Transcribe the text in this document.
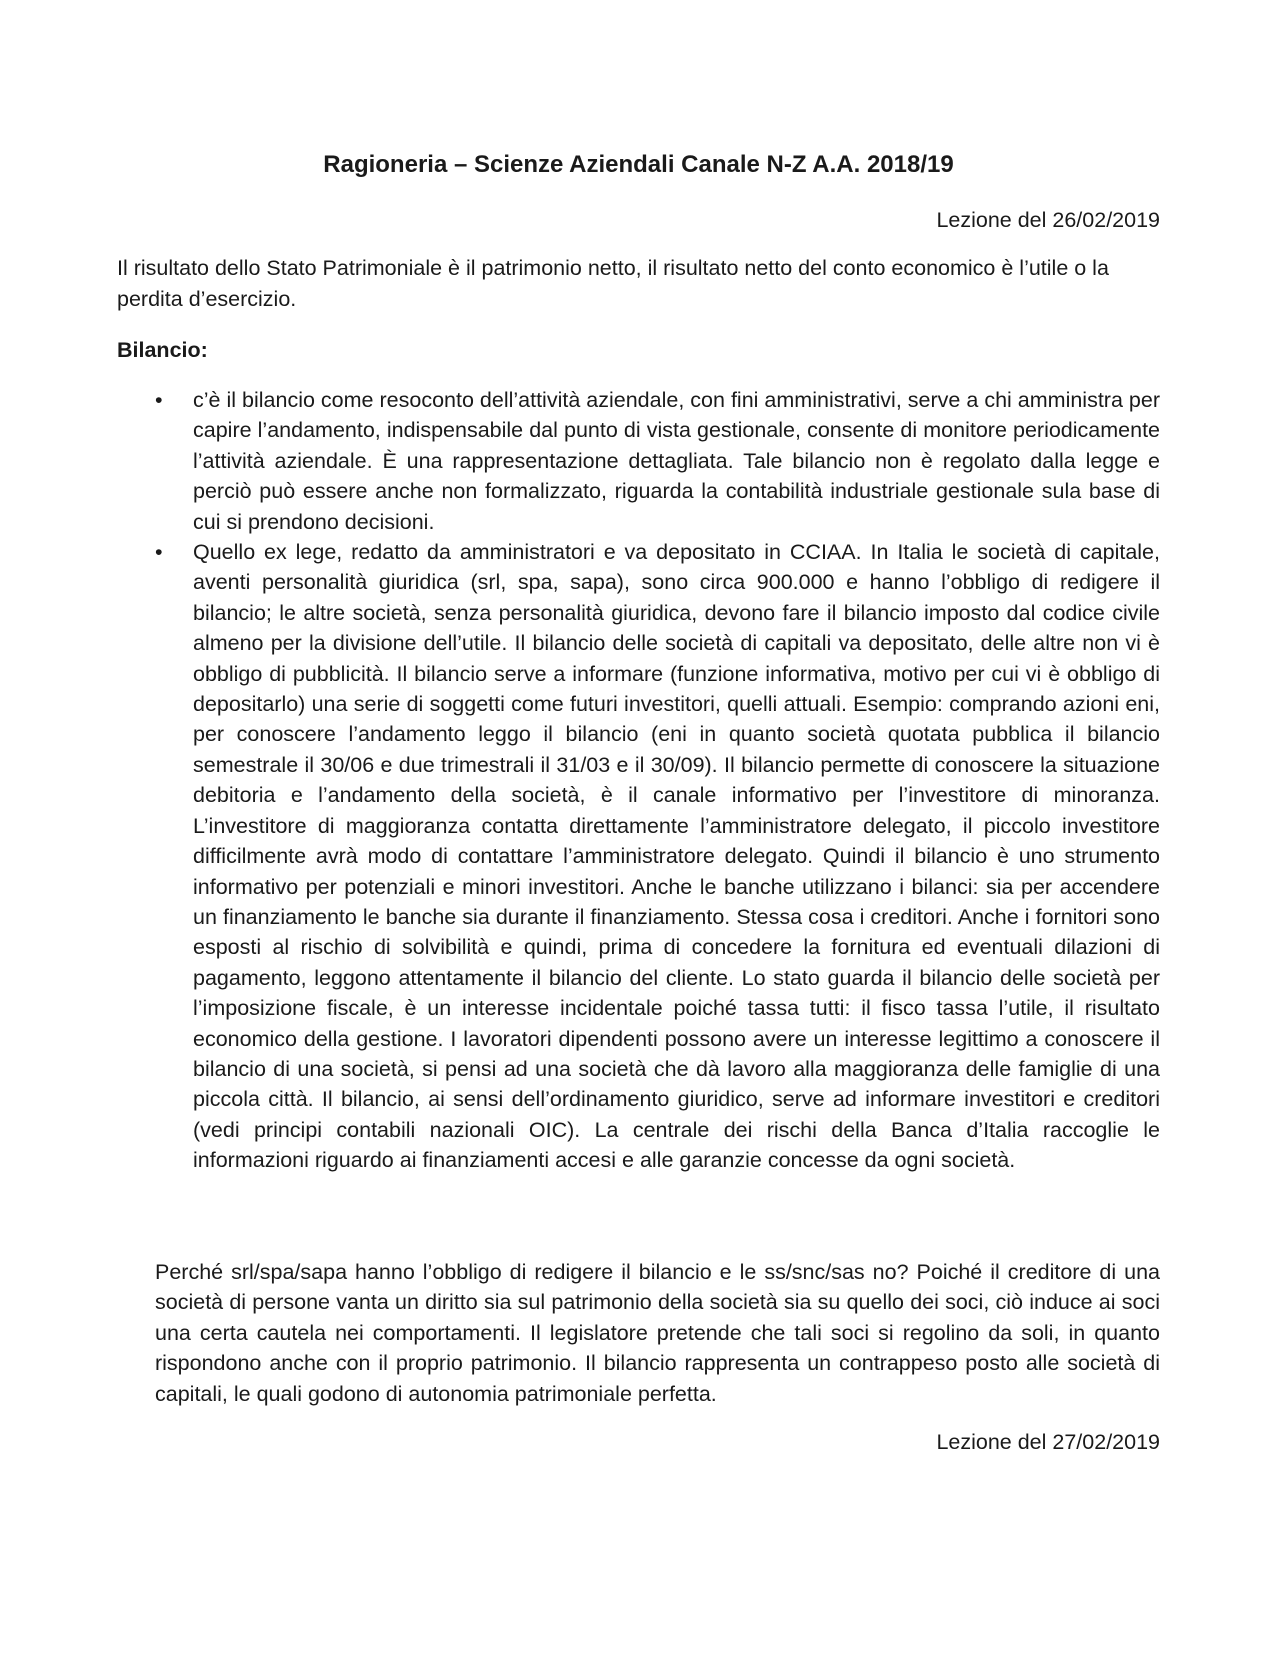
Ragioneria – Scienze Aziendali Canale N-Z A.A. 2018/19

Lezione del 26/02/2019

Il risultato dello Stato Patrimoniale è il patrimonio netto, il risultato netto del conto economico è l’utile o la perdita d’esercizio.

Bilancio:

• c’è il bilancio come resoconto dell’attività aziendale, con fini amministrativi, serve a chi amministra per capire l’andamento, indispensabile dal punto di vista gestionale, consente di monitore periodicamente l’attività aziendale. È una rappresentazione dettagliata. Tale bilancio non è regolato dalla legge e perciò può essere anche non formalizzato, riguarda la contabilità industriale gestionale sula base di cui si prendono decisioni.
• Quello ex lege, redatto da amministratori e va depositato in CCIAA. In Italia le società di capitale, aventi personalità giuridica (srl, spa, sapa), sono circa 900.000 e hanno l’obbligo di redigere il bilancio; le altre società, senza personalità giuridica, devono fare il bilancio imposto dal codice civile almeno per la divisione dell’utile. Il bilancio delle società di capitali va depositato, delle altre non vi è obbligo di pubblicità. Il bilancio serve a informare (funzione informativa, motivo per cui vi è obbligo di depositarlo) una serie di soggetti come futuri investitori, quelli attuali. Esempio: comprando azioni eni, per conoscere l’andamento leggo il bilancio (eni in quanto società quotata pubblica il bilancio semestrale il 30/06 e due trimestrali il 31/03 e il 30/09). Il bilancio permette di conoscere la situazione debitoria e l’andamento della società, è il canale informativo per l’investitore di minoranza. L’investitore di maggioranza contatta direttamente l’amministratore delegato, il piccolo investitore difficilmente avrà modo di contattare l’amministratore delegato. Quindi il bilancio è uno strumento informativo per potenziali e minori investitori. Anche le banche utilizzano i bilanci: sia per accendere un finanziamento le banche sia durante il finanziamento. Stessa cosa i creditori. Anche i fornitori sono esposti al rischio di solvibilità e quindi, prima di concedere la fornitura ed eventuali dilazioni di pagamento, leggono attentamente il bilancio del cliente. Lo stato guarda il bilancio delle società per l’imposizione fiscale, è un interesse incidentale poiché tassa tutti: il fisco tassa l’utile, il risultato economico della gestione. I lavoratori dipendenti possono avere un interesse legittimo a conoscere il bilancio di una società, si pensi ad una società che dà lavoro alla maggioranza delle famiglie di una piccola città. Il bilancio, ai sensi dell’ordinamento giuridico, serve ad informare investitori e creditori (vedi principi contabili nazionali OIC). La centrale dei rischi della Banca d’Italia raccoglie le informazioni riguardo ai finanziamenti accesi e alle garanzie concesse da ogni società.

Perché srl/spa/sapa hanno l’obbligo di redigere il bilancio e le ss/snc/sas no? Poiché il creditore di una società di persone vanta un diritto sia sul patrimonio della società sia su quello dei soci, ciò induce ai soci una certa cautela nei comportamenti. Il legislatore pretende che tali soci si regolino da soli, in quanto rispondono anche con il proprio patrimonio. Il bilancio rappresenta un contrappeso posto alle società di capitali, le quali godono di autonomia patrimoniale perfetta.

Lezione del 27/02/2019
